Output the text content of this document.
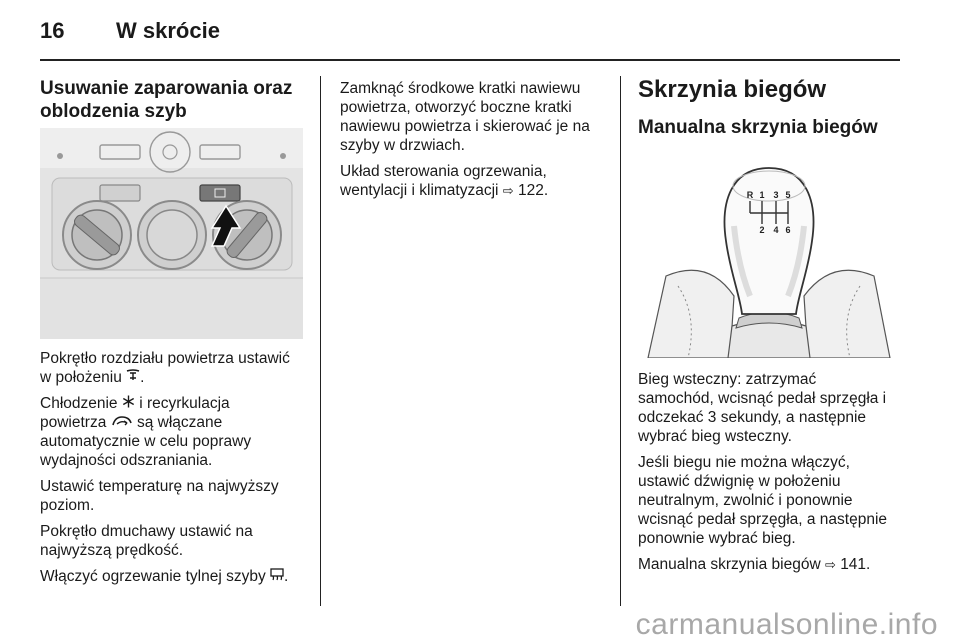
16 W skrócie
Usuwanie zaparowania oraz
oblodzenia szyb

Pokrętło rozdziału powietrza ustawić
w położeniu .

Chłodzenie i recyrkulacja
powietrza są włączane
automatycznie w celu poprawy
wydajności odszraniania.

Ustawić temperaturę na najwyższy
poziom.

Pokrętło dmuchawy ustawić na
najwyższą prędkość.

Włączyć ogrzewanie tylnej szyby .

Zamknąć środkowe kratki nawiewu
powietrza, otworzyć boczne kratki
nawiewu powietrza i skierować je na
szyby w drzwiach.

Układ sterowania ogrzewania,
wentylacji i klimatyzacji ⇨ 122.

Skrzynia biegów
Manualna skrzynia biegów
R 1 3 5
2 4 6

Bieg wsteczny: zatrzymać
samochód, wcisnąć pedał sprzęgła i
odczekać 3 sekundy, a następnie
wybrać bieg wsteczny.

Jeśli biegu nie można włączyć,
ustawić dźwignię w położeniu
neutralnym, zwolnić i ponownie
wcisnąć pedał sprzęgła, a następnie
ponownie wybrać bieg.

Manualna skrzynia biegów ⇨ 141.

carmanualsonline.info
